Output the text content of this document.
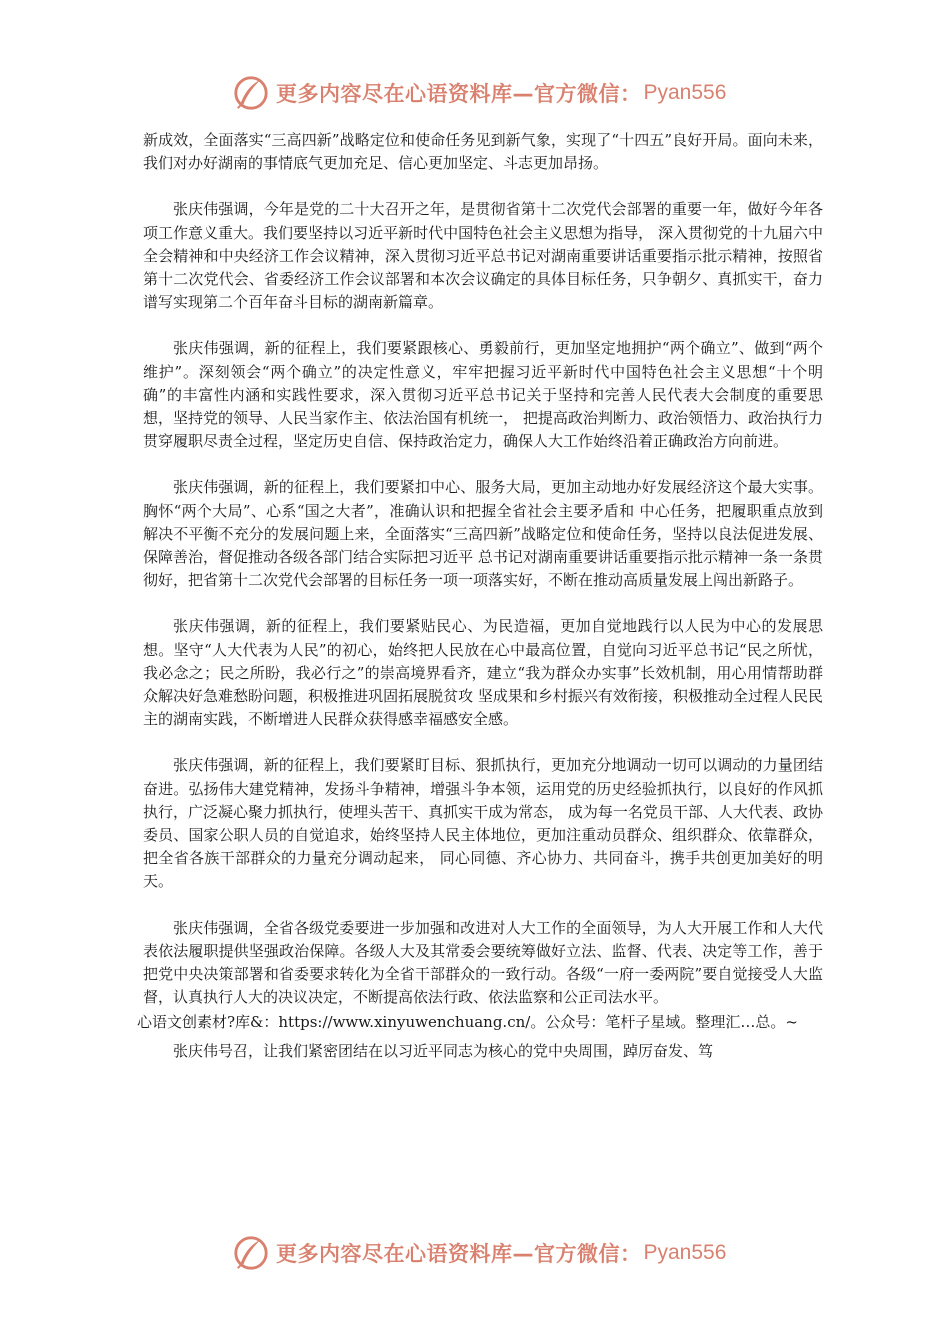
更多内容尽在心语资料库—官方微信： Pyan556

新成效，全面落实“三高四新”战略定位和使命任务见到新气象，实现了“十四五”良好开局。面向未来，我们对办好湖南的事情底气更加充足、信心更加坚定、斗志更加昂扬。

张庆伟强调，今年是党的二十大召开之年，是贯彻省第十二次党代会部署的重要一年，做好今年各项工作意义重大。我们要坚持以习近平新时代中国特色社会主义思想为指导， 深入贯彻党的十九届六中全会精神和中央经济工作会议精神，深入贯彻习近平总书记对湖南重要讲话重要指示批示精神，按照省第十二次党代会、省委经济工作会议部署和本次会议确定的具体目标任务，只争朝夕、真抓实干，奋力谱写实现第二个百年奋斗目标的湖南新篇章。

张庆伟强调，新的征程上，我们要紧跟核心、勇毅前行，更加坚定地拥护“两个确立”、做到“两个维护”。深刻领会“两个确立”的决定性意义，牢牢把握习近平新时代中国特色社会主义思想“十个明确”的丰富性内涵和实践性要求，深入贯彻习近平总书记关于坚持和完善人民代表大会制度的重要思想，坚持党的领导、人民当家作主、依法治国有机统一， 把提高政治判断力、政治领悟力、政治执行力贯穿履职尽责全过程，坚定历史自信、保持政治定力，确保人大工作始终沿着正确政治方向前进。

张庆伟强调，新的征程上，我们要紧扣中心、服务大局，更加主动地办好发展经济这个最大实事。胸怀“两个大局”、心系“国之大者”，准确认识和把握全省社会主要矛盾和 中心任务，把履职重点放到解决不平衡不充分的发展问题上来，全面落实“三高四新”战略定位和使命任务，坚持以良法促进发展、保障善治，督促推动各级各部门结合实际把习近平 总书记对湖南重要讲话重要指示批示精神一条一条贯彻好，把省第十二次党代会部署的目标任务一项一项落实好，不断在推动高质量发展上闯出新路子。

张庆伟强调，新的征程上，我们要紧贴民心、为民造福，更加自觉地践行以人民为中心的发展思想。坚守“人大代表为人民”的初心，始终把人民放在心中最高位置，自觉向习近平总书记“民之所忧，我必念之；民之所盼，我必行之”的崇高境界看齐，建立“我为群众办实事”长效机制，用心用情帮助群众解决好急难愁盼问题，积极推进巩固拓展脱贫攻 坚成果和乡村振兴有效衔接，积极推动全过程人民民主的湖南实践，不断增进人民群众获得感幸福感安全感。

张庆伟强调，新的征程上，我们要紧盯目标、狠抓执行，更加充分地调动一切可以调动的力量团结奋进。弘扬伟大建党精神，发扬斗争精神，增强斗争本领，运用党的历史经验抓执行，以良好的作风抓执行，广泛凝心聚力抓执行，使埋头苦干、真抓实干成为常态， 成为每一名党员干部、人大代表、政协委员、国家公职人员的自觉追求，始终坚持人民主体地位，更加注重动员群众、组织群众、依靠群众，把全省各族干部群众的力量充分调动起来， 同心同德、齐心协力、共同奋斗，携手共创更加美好的明天。

张庆伟强调，全省各级党委要进一步加强和改进对人大工作的全面领导，为人大开展工作和人大代表依法履职提供坚强政治保障。各级人大及其常委会要统筹做好立法、监督、代表、决定等工作，善于把党中央决策部署和省委要求转化为全省干部群众的一致行动。各级“一府一委两院”要自觉接受人大监督，认真执行人大的决议决定，不断提高依法行政、依法监察和公正司法水平。

心语文创素材?库&：https://www.xinyuwenchuang.cn/。公众号：笔杆子星域。整理汇…总。~

张庆伟号召，让我们紧密团结在以习近平同志为核心的党中央周围，踔厉奋发、笃

更多内容尽在心语资料库—官方微信： Pyan556
